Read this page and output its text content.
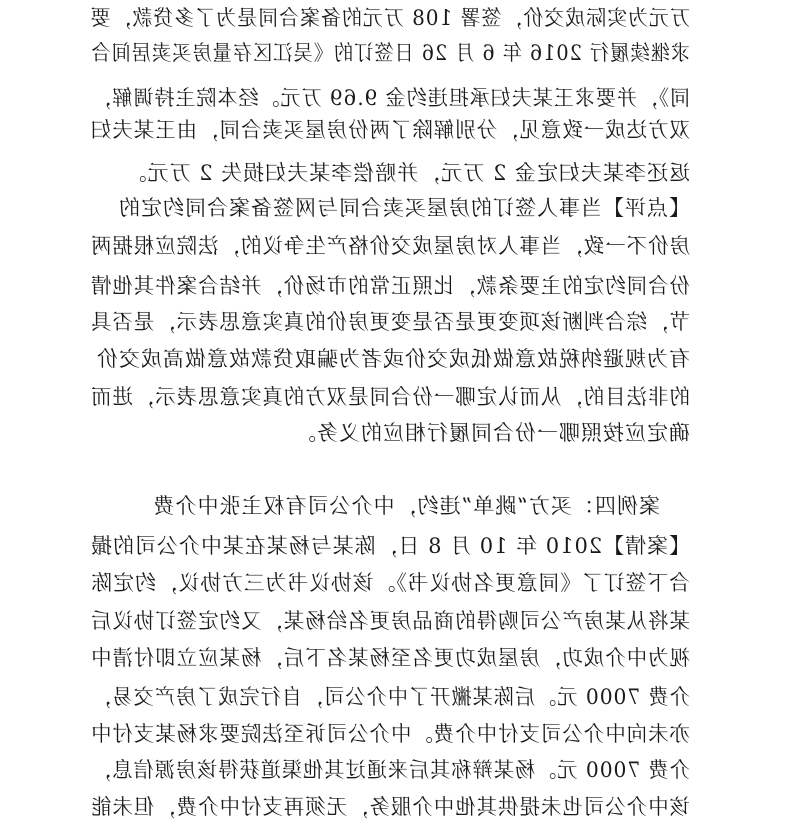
万元为实际成交价，签署 108 万元的备案合同是为了多贷款，要
求继续履行 2016 年 6 月 26 日签订的《吴江区存量房买卖居间合
同》，并要求王某夫妇承担违约金 9.69 万元。经本院主持调解，
双方达成一致意见，分别解除了两份房屋买卖合同，由王某夫妇
返还李某夫妇定金 2 万元，并赔偿李某夫妇损失 2 万元。
【点评】当事人签订的房屋买卖合同与网签备案合同约定的
房价不一致，当事人对房屋成交价格产生争议的，法院应根据两
份合同约定的主要条款，比照正常的市场价，并结合案件其他情
节，综合判断该项变更是否是变更房价的真实意思表示，是否具
有为规避纳税故意做低成交价或者为骗取贷款故意做高成交价
的非法目的，从而认定哪一份合同是双方的真实意思表示，进而
确定应按照哪一份合同履行相应的义务。
案例四：买方“跳单”违约，中介公司有权主张中介费
【案情】2010 年 10 月 8 日，陈某与杨某在某中介公司的撮
合下签订了《同意更名协议书》。该协议书为三方协议，约定陈
某将从某房产公司购得的商品房更名给杨某，又约定签订协议后
视为中介成功，房屋成功更名至杨某名下后，杨某应立即付清中
介费 7000 元。后陈某撇开了中介公司，自行完成了房产交易，
亦未向中介公司支付中介费。中介公司诉至法院要求杨某支付中
介费 7000 元。杨某辩称其后来通过其他渠道获得该房源信息，
该中介公司也未提供其他中介服务，无须再支付中介费，但未能
